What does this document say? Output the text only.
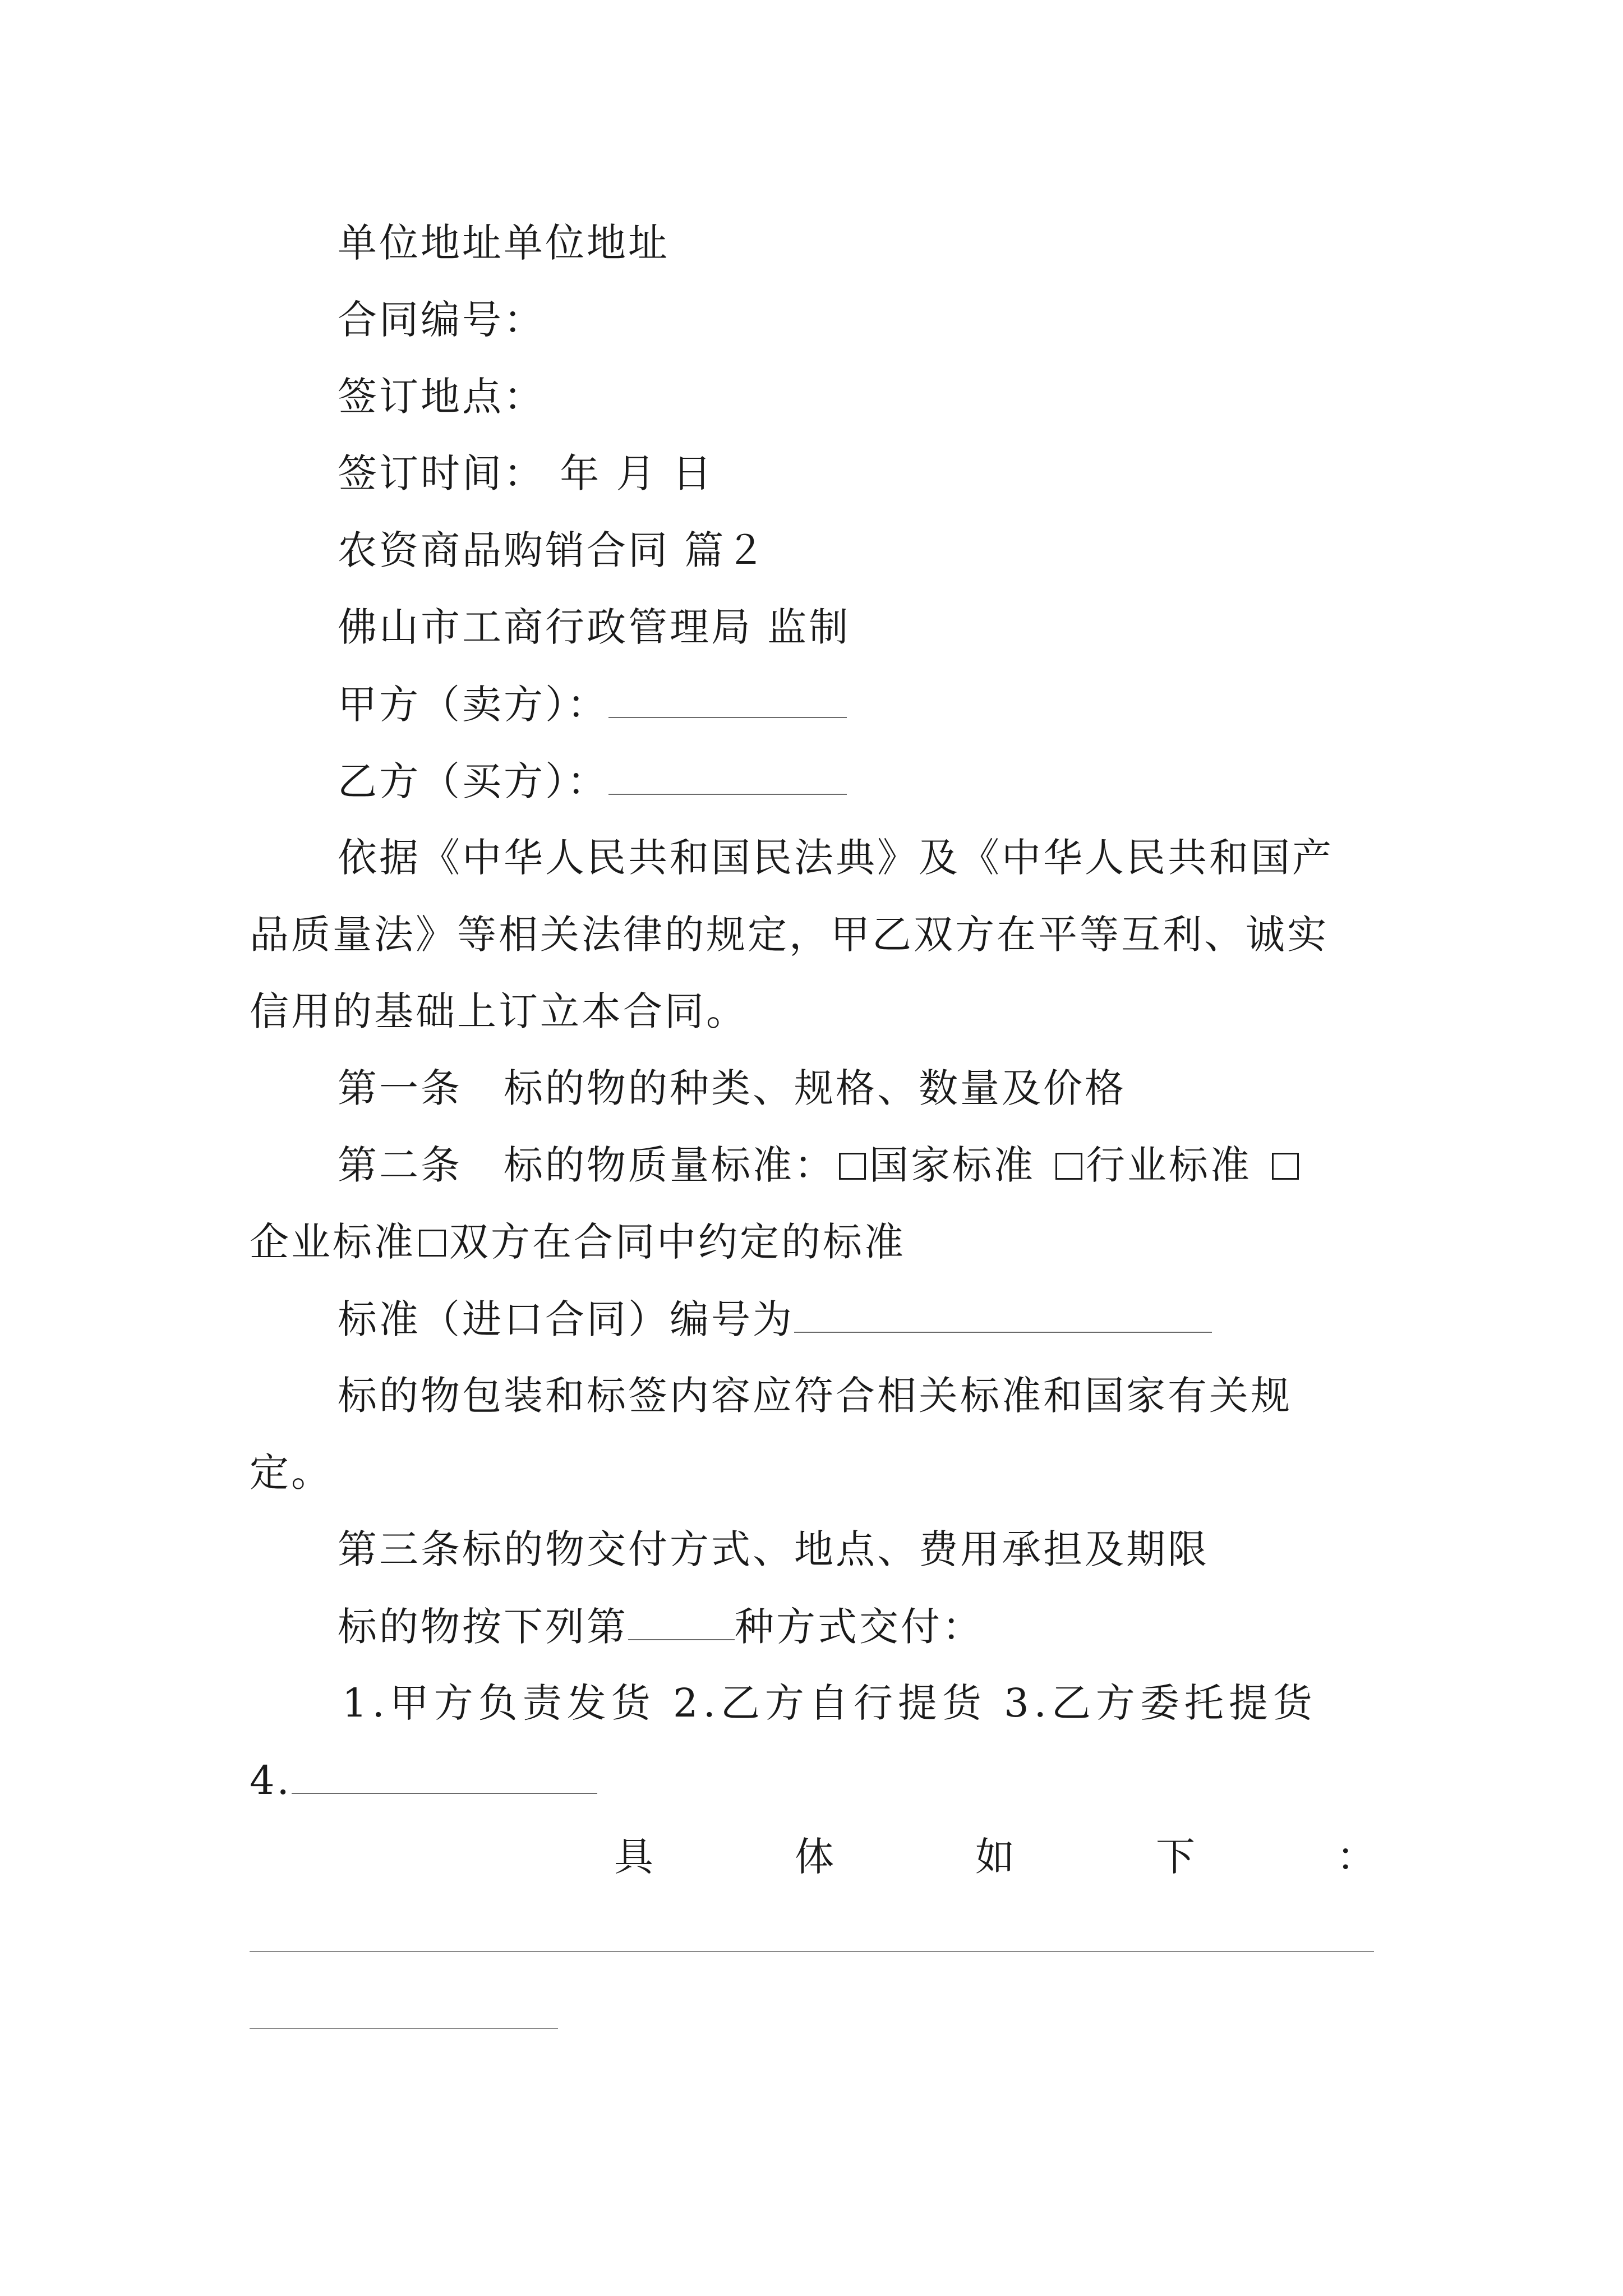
单位地址单位地址
合同编号：
签订地点：
签订时间： 年 月 日
农资商品购销合同 篇２
佛山市工商行政管理局 监制
甲方（卖方）：
乙方（买方）：
依据《中华人民共和国民法典》及《中华人民共和国产
品质量法》等相关法律的规定，甲乙双方在平等互利、诚实
信用的基础上订立本合同。
第一条　标的物的种类、规格、数量及价格
第二条　标的物质量标准： 国家标准 行业标准
企业标准 双方在合同中约定的标准
标准（进口合同）编号为
标的物包装和标签内容应符合相关标准和国家有关规
定。
第三条标的物交付方式、地点、费用承担及期限
标的物按下列第	种方式交付：
1.甲方负责发货 2.乙方自行提货 3.乙方委托提货
4.
具	体	如	下	：
